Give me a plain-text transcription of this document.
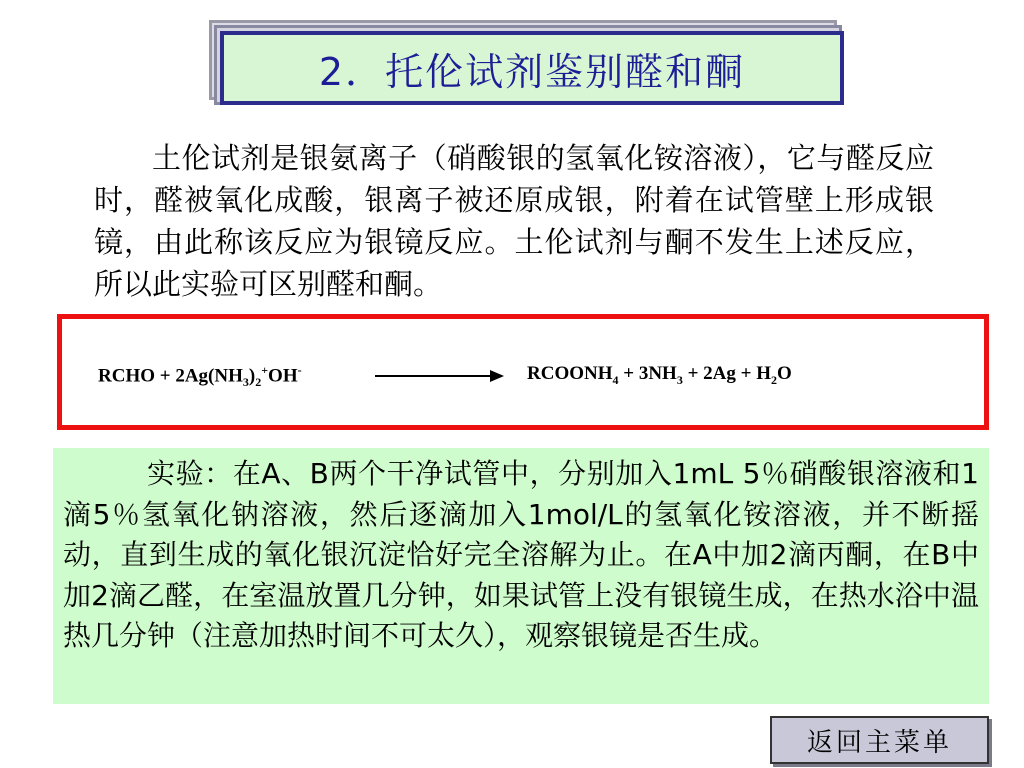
2．托伦试剂鉴别醛和酮

土伦试剂是银氨离子（硝酸银的氢氧化铵溶液），它与醛反应时，醛被氧化成酸，银离子被还原成银，附着在试管壁上形成银镜，由此称该反应为银镜反应。土伦试剂与酮不发生上述反应，所以此实验可区别醛和酮。

RCHO + $2Ag(NH_3)_2^+OH^-$	$RCOONH_4 + 3NH_3 + 2Ag + H_2O$

实验：在A、B两个干净试管中，分别加入1mL 5％硝酸银溶液和1滴5％氢氧化钠溶液，然后逐滴加入1mol/L的氢氧化铵溶液，并不断摇动，直到生成的氧化银沉淀恰好完全溶解为止。在A中加2滴丙酮，在B中加2滴乙醛，在室温放置几分钟，如果试管上没有银镜生成，在热水浴中温热几分钟（注意加热时间不可太久），观察银镜是否生成。

返回主菜单
